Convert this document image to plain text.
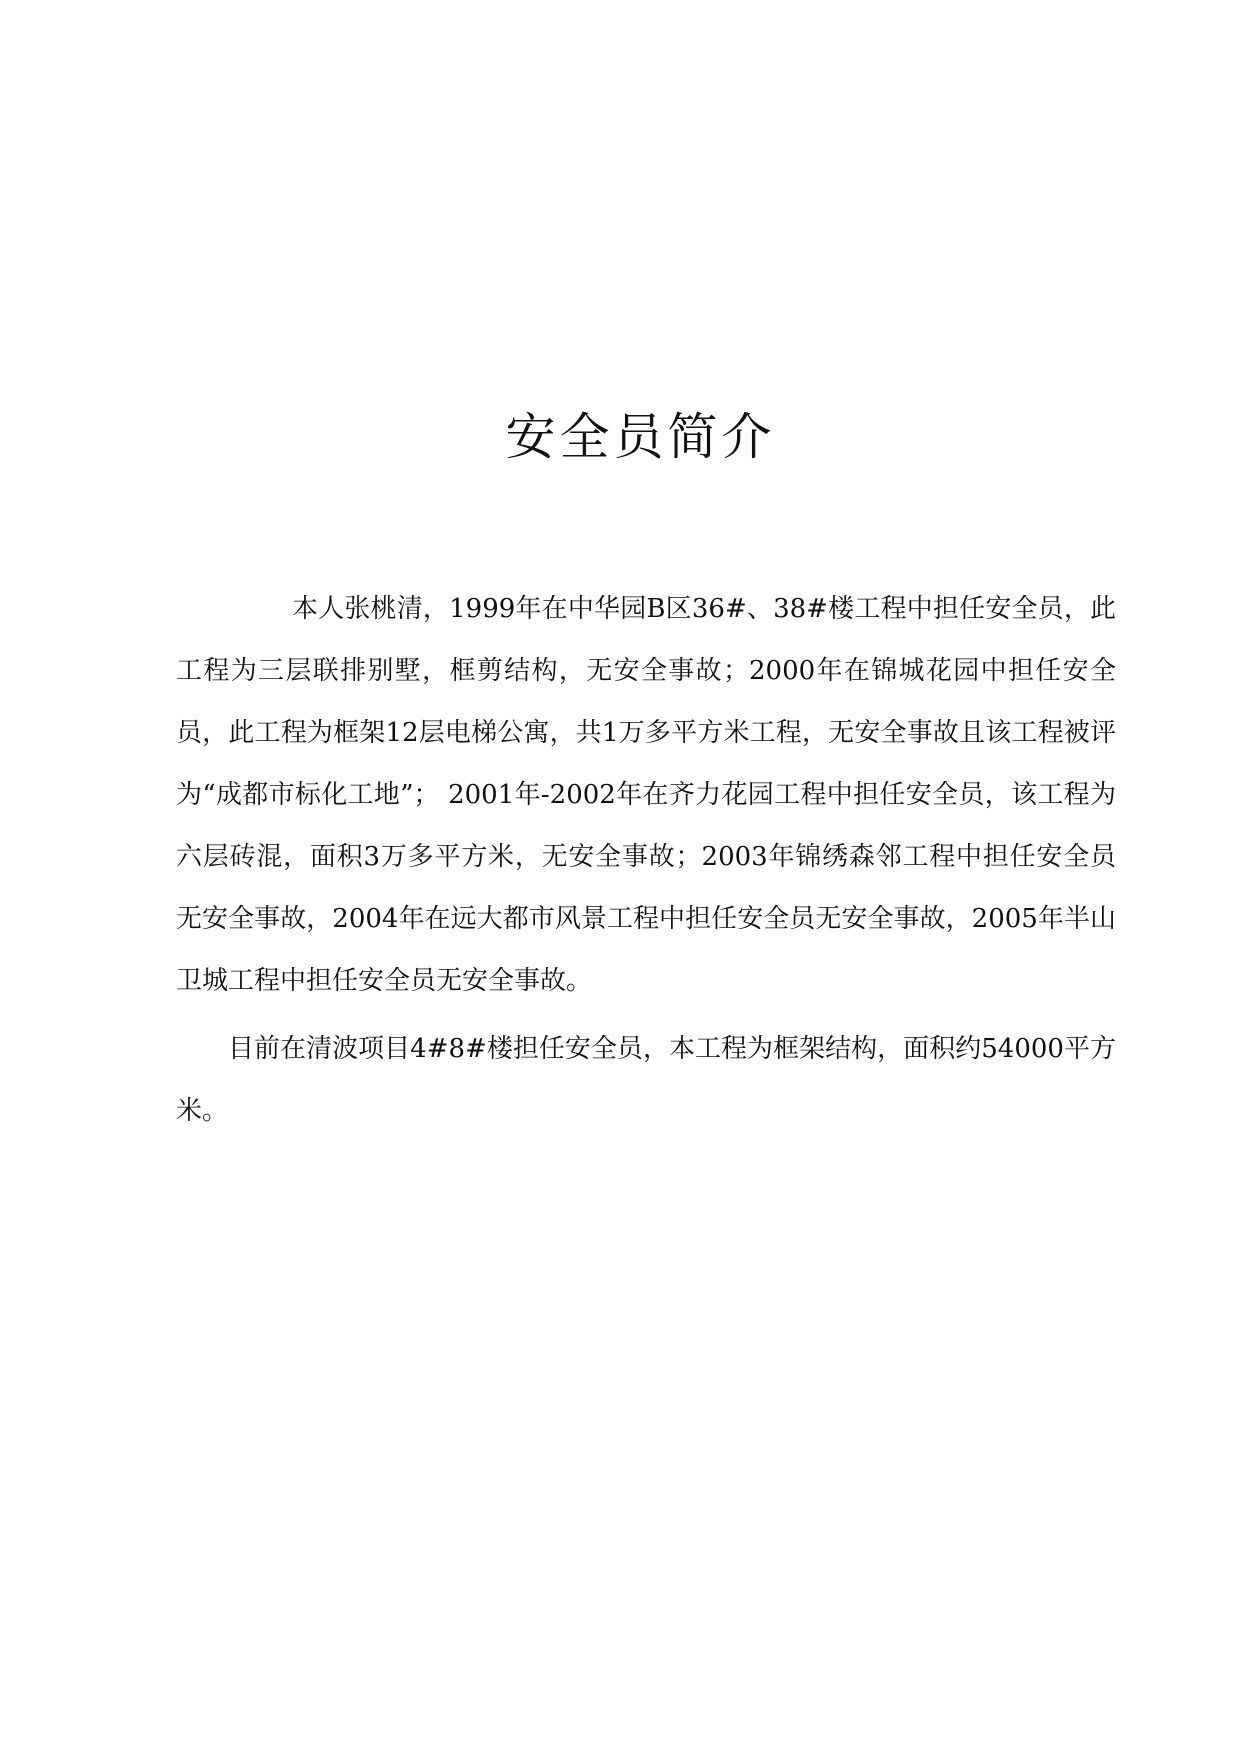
安全员简介

本人张桃清，1999年在中华园B区36#、38#楼工程中担任安全员，此工程为三层联排别墅，框剪结构，无安全事故；2000年在锦城花园中担任安全员，此工程为框架12层电梯公寓，共1万多平方米工程，无安全事故且该工程被评为“成都市标化工地”； 2001年-2002年在齐力花园工程中担任安全员，该工程为六层砖混，面积3万多平方米，无安全事故；2003年锦绣森邻工程中担任安全员无安全事故，2004年在远大都市风景工程中担任安全员无安全事故，2005年半山卫城工程中担任安全员无安全事故。

目前在清波项目4#8#楼担任安全员，本工程为框架结构，面积约54000平方米。
